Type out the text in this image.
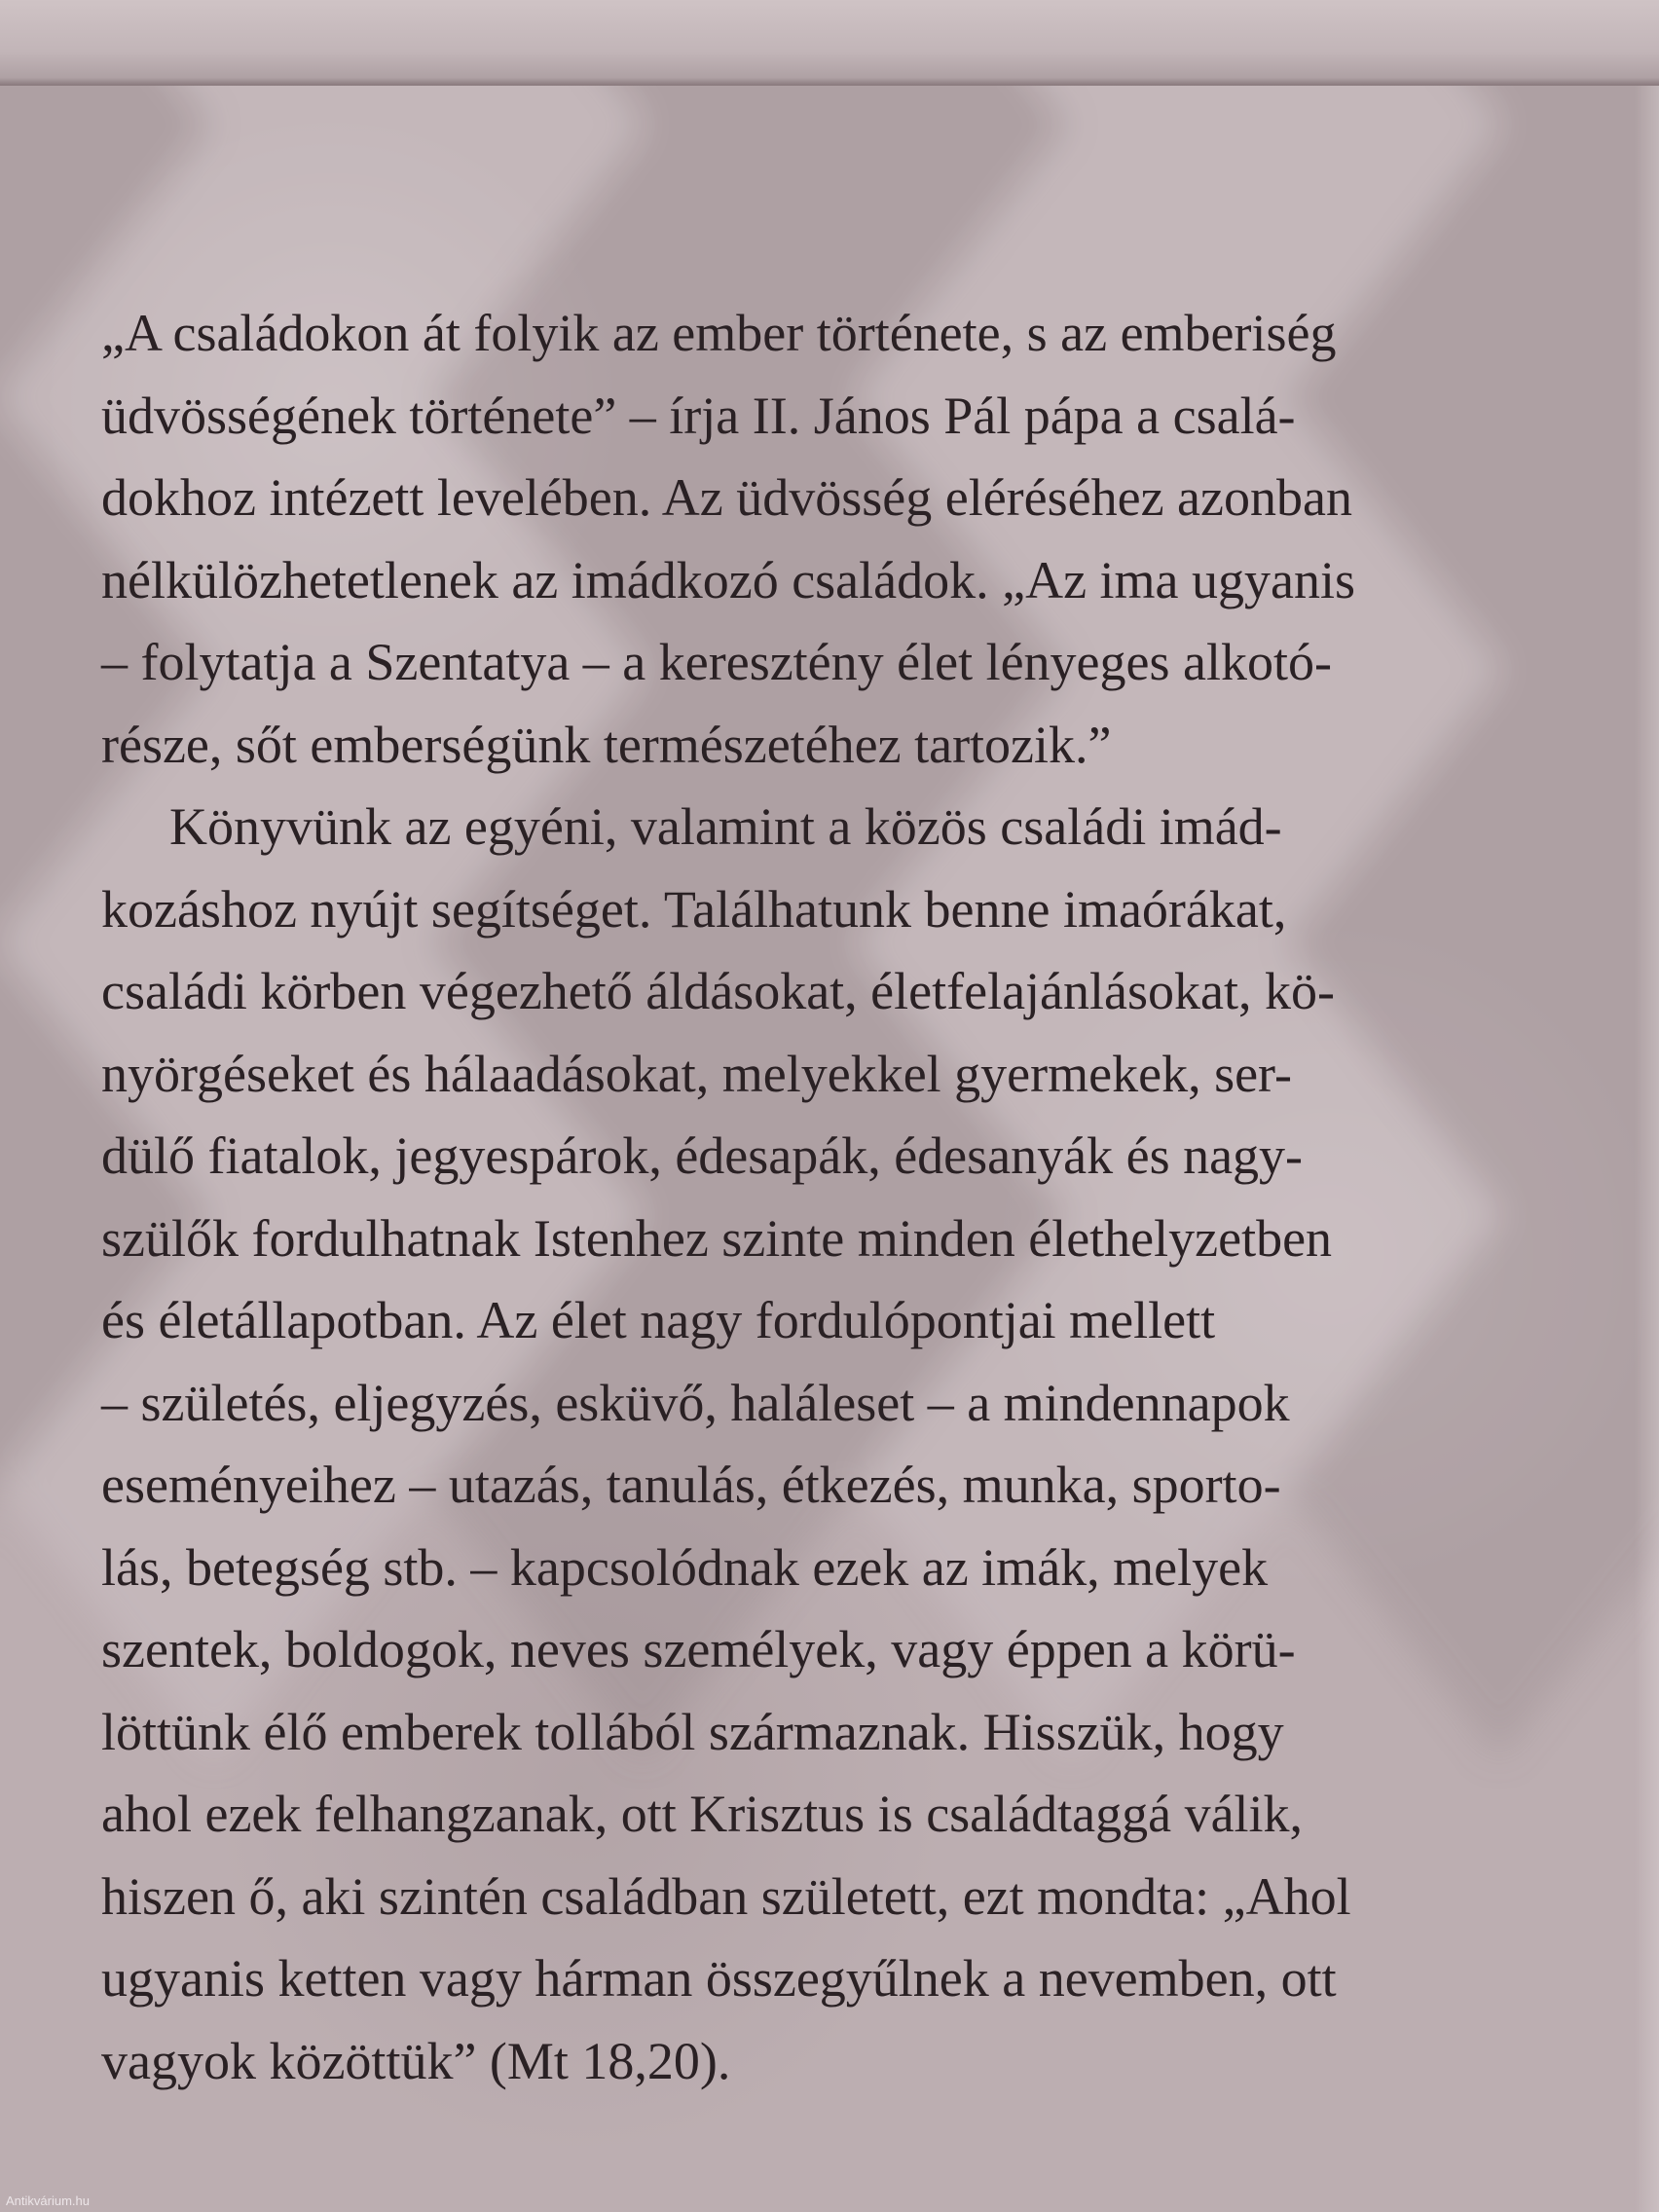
„A családokon át folyik az ember története, s az emberiség
üdvösségének története” – írja II. János Pál pápa a csalá-
dokhoz intézett levelében. Az üdvösség eléréséhez azonban
nélkülözhetetlenek az imádkozó családok. „Az ima ugyanis
– folytatja a Szentatya – a keresztény élet lényeges alkotó-
része, sőt emberségünk természetéhez tartozik.”
Könyvünk az egyéni, valamint a közös családi imád-
kozáshoz nyújt segítséget. Találhatunk benne imaórákat,
családi körben végezhető áldásokat, életfelajánlásokat, kö-
nyörgéseket és hálaadásokat, melyekkel gyermekek, ser-
dülő fiatalok, jegyespárok, édesapák, édesanyák és nagy-
szülők fordulhatnak Istenhez szinte minden élethelyzetben
és életállapotban. Az élet nagy fordulópontjai mellett
– születés, eljegyzés, esküvő, haláleset – a mindennapok
eseményeihez – utazás, tanulás, étkezés, munka, sporto-
lás, betegség stb. – kapcsolódnak ezek az imák, melyek
szentek, boldogok, neves személyek, vagy éppen a körü-
löttünk élő emberek tollából származnak. Hisszük, hogy
ahol ezek felhangzanak, ott Krisztus is családtaggá válik,
hiszen ő, aki szintén családban született, ezt mondta: „Ahol
ugyanis ketten vagy hárman összegyűlnek a nevemben, ott
vagyok közöttük” (Mt 18,20).
Antikvárium.hu
